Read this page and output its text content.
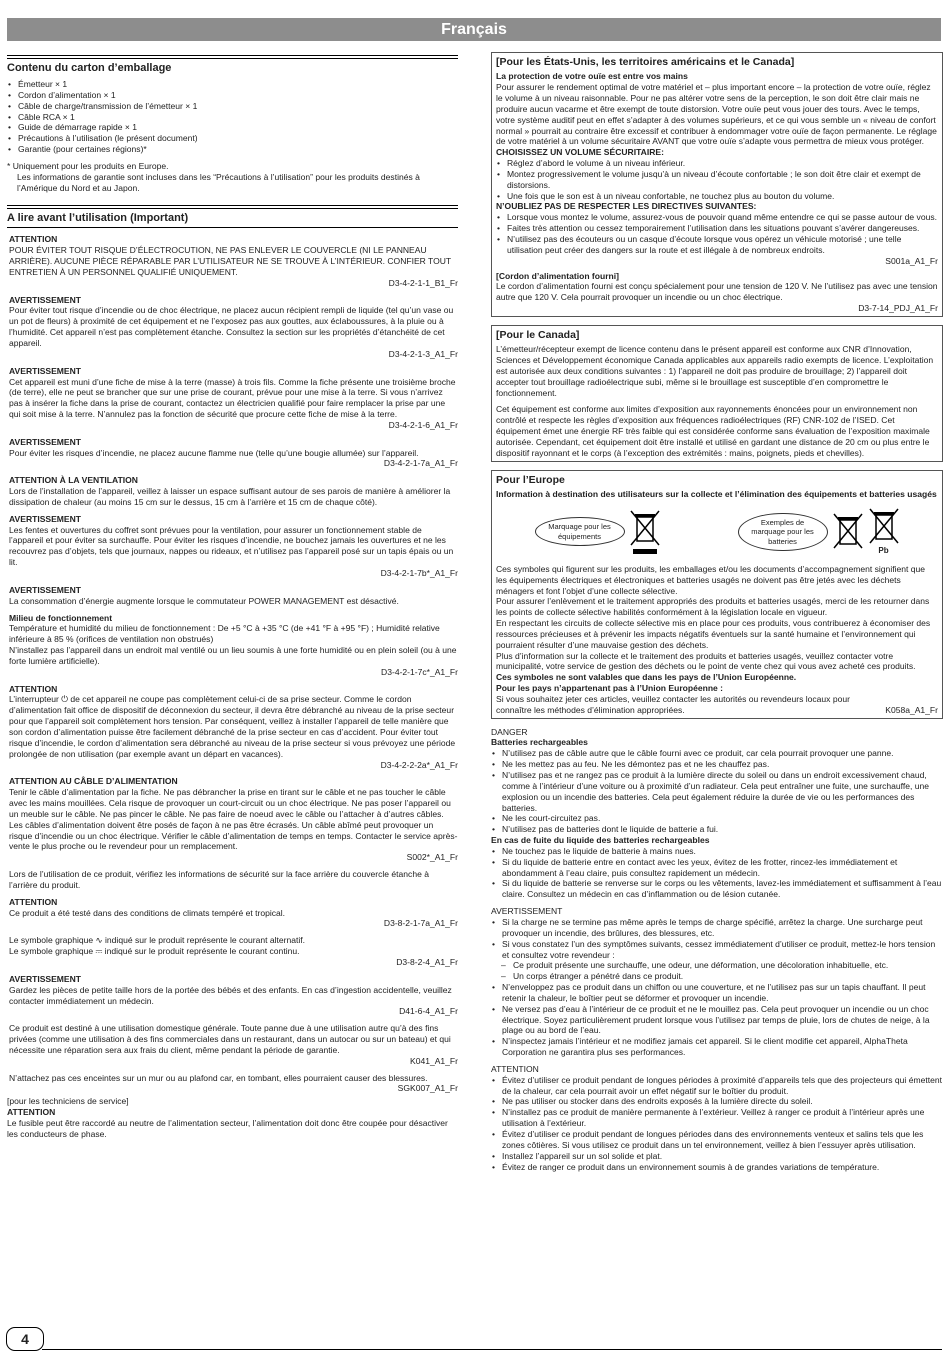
Français
Contenu du carton d’emballage
• Émetteur × 1
• Cordon d’alimentation × 1
• Câble de charge/transmission de l’émetteur × 1
• Câble RCA × 1
• Guide de démarrage rapide × 1
• Précautions à l’utilisation (le présent document)
• Garantie (pour certaines régions)*
* Uniquement pour les produits en Europe.
Les informations de garantie sont incluses dans les “Précautions à l’utilisation” pour les produits destinés à l’Amérique du Nord et au Japon.
A lire avant l’utilisation (Important)
ATTENTION
POUR ÉVITER TOUT RISQUE D’ÉLECTROCUTION, NE PAS ENLEVER LE COUVERCLE (NI LE PANNEAU ARRIÈRE). AUCUNE PIÈCE RÉPARABLE PAR L’UTILISATEUR NE SE TROUVE À L’INTÉRIEUR. CONFIER TOUT ENTRETIEN À UN PERSONNEL QUALIFIÉ UNIQUEMENT.
D3-4-2-1-1_B1_Fr
AVERTISSEMENT
Pour éviter tout risque d’incendie ou de choc électrique, ne placez aucun récipient rempli de liquide (tel qu’un vase ou un pot de fleurs) à proximité de cet équipement et ne l’exposez pas aux gouttes, aux éclaboussures, à la pluie ou à l’humidité. Cet appareil n’est pas complètement étanche. Consultez la section sur les propriétés d’étanchéité de cet appareil.
D3-4-2-1-3_A1_Fr
AVERTISSEMENT
Cet appareil est muni d’une fiche de mise à la terre (masse) à trois fils. Comme la fiche présente une troisième broche (de terre), elle ne peut se brancher que sur une prise de courant, prévue pour une mise à la terre. Si vous n’arrivez pas à insérer la fiche dans la prise de courant, contactez un électricien qualifié pour faire remplacer la prise par une qui soit mise à la terre. N’annulez pas la fonction de sécurité que procure cette fiche de mise à la terre.
D3-4-2-1-6_A1_Fr
AVERTISSEMENT
Pour éviter les risques d’incendie, ne placez aucune flamme nue (telle qu’une bougie allumée) sur l’appareil.
D3-4-2-1-7a_A1_Fr
ATTENTION À LA VENTILATION
Lors de l’installation de l’appareil, veillez à laisser un espace suffisant autour de ses parois de manière à améliorer la dissipation de chaleur (au moins 15 cm sur le dessus, 15 cm à l’arrière et 15 cm de chaque côté).
AVERTISSEMENT
Les fentes et ouvertures du coffret sont prévues pour la ventilation, pour assurer un fonctionnement stable de l’appareil et pour éviter sa surchauffe. Pour éviter les risques d’incendie, ne bouchez jamais les ouvertures et ne les recouvrez pas d’objets, tels que journaux, nappes ou rideaux, et n’utilisez pas l’appareil posé sur un tapis épais ou un lit.
D3-4-2-1-7b*_A1_Fr
AVERTISSEMENT
La consommation d’énergie augmente lorsque le commutateur POWER MANAGEMENT est désactivé.
Milieu de fonctionnement
Température et humidité du milieu de fonctionnement : De +5 °C à +35 °C (de +41 °F à +95 °F) ; Humidité relative inférieure à 85 % (orifices de ventilation non obstrués)
N’installez pas l’appareil dans un endroit mal ventilé ou un lieu soumis à une forte humidité ou en plein soleil (ou à une forte lumière artificielle).
D3-4-2-1-7c*_A1_Fr
ATTENTION
L’interrupteur ⏻ de cet appareil ne coupe pas complètement celui-ci de sa prise secteur. Comme le cordon d’alimentation fait office de dispositif de déconnexion du secteur, il devra être débranché au niveau de la prise secteur pour que l’appareil soit complètement hors tension. Par conséquent, veillez à installer l’appareil de telle manière que son cordon d’alimentation puisse être facilement débranché de la prise secteur en cas d’accident. Pour éviter tout risque d’incendie, le cordon d’alimentation sera débranché au niveau de la prise secteur si vous prévoyez une période prolongée de non utilisation (par exemple avant un départ en vacances).
D3-4-2-2-2a*_A1_Fr
ATTENTION AU CÂBLE D’ALIMENTATION
Tenir le câble d’alimentation par la fiche. Ne pas débrancher la prise en tirant sur le câble et ne pas toucher le câble avec les mains mouillées. Cela risque de provoquer un court-circuit ou un choc électrique. Ne pas poser l’appareil ou un meuble sur le câble. Ne pas pincer le câble. Ne pas faire de noeud avec le câble ou l’attacher à d’autres câbles. Les câbles d’alimentation doivent être posés de façon à ne pas être écrasés. Un câble abîmé peut provoquer un risque d’incendie ou un choc électrique. Vérifier le câble d’alimentation de temps en temps. Contacter le service après-vente le plus proche ou le revendeur pour un remplacement.
S002*_A1_Fr
Lors de l’utilisation de ce produit, vérifiez les informations de sécurité sur la face arrière du couvercle étanche à l’arrière du produit.
ATTENTION
Ce produit a été testé dans des conditions de climats tempéré et tropical.
D3-8-2-1-7a_A1_Fr
Le symbole graphique ∿ indiqué sur le produit représente le courant alternatif.
Le symbole graphique ⎓ indiqué sur le produit représente le courant continu.
D3-8-2-4_A1_Fr
AVERTISSEMENT
Gardez les pièces de petite taille hors de la portée des bébés et des enfants. En cas d’ingestion accidentelle, veuillez contacter immédiatement un médecin.
D41-6-4_A1_Fr
Ce produit est destiné à une utilisation domestique générale. Toute panne due à une utilisation autre qu’à des fins privées (comme une utilisation à des fins commerciales dans un restaurant, dans un autocar ou sur un bateau) et qui nécessite une réparation sera aux frais du client, même pendant la période de garantie.
K041_A1_Fr
N’attachez pas ces enceintes sur un mur ou au plafond car, en tombant, elles pourraient causer des blessures.
SGK007_A1_Fr
[pour les techniciens de service]
ATTENTION
Le fusible peut être raccordé au neutre de l’alimentation secteur, l’alimentation doit donc être coupée pour désactiver les conducteurs de phase.
[Pour les États-Unis, les territoires américains et le Canada]
La protection de votre ouïe est entre vos mains
Pour assurer le rendement optimal de votre matériel et – plus important encore – la protection de votre ouïe, réglez le volume à un niveau raisonnable. Pour ne pas altérer votre sens de la perception, le son doit être clair mais ne produire aucun vacarme et être exempt de toute distorsion. Votre ouïe peut vous jouer des tours. Avec le temps, votre système auditif peut en effet s’adapter à des volumes supérieurs, et ce qui vous semble un « niveau de confort normal » pourrait au contraire être excessif et contribuer à endommager votre ouïe de façon permanente. Le réglage de votre matériel à un volume sécuritaire AVANT que votre ouïe s’adapte vous permettra de mieux vous protéger.
CHOISISSEZ UN VOLUME SÉCURITAIRE:
• Réglez d’abord le volume à un niveau inférieur.
• Montez progressivement le volume jusqu’à un niveau d’écoute confortable ; le son doit être clair et exempt de distorsions.
• Une fois que le son est à un niveau confortable, ne touchez plus au bouton du volume.
N’OUBLIEZ PAS DE RESPECTER LES DIRECTIVES SUIVANTES:
• Lorsque vous montez le volume, assurez-vous de pouvoir quand même entendre ce qui se passe autour de vous.
• Faites très attention ou cessez temporairement l’utilisation dans les situations pouvant s’avérer dangereuses.
• N’utilisez pas des écouteurs ou un casque d’écoute lorsque vous opérez un véhicule motorisé ; une telle utilisation peut créer des dangers sur la route et est illégale à de nombreux endroits.
S001a_A1_Fr
[Cordon d’alimentation fourni]
Le cordon d’alimentation fourni est conçu spécialement pour une tension de 120 V. Ne l’utilisez pas avec une tension autre que 120 V. Cela pourrait provoquer un incendie ou un choc électrique.
D3-7-14_PDJ_A1_Fr
[Pour le Canada]
L’émetteur/récepteur exempt de licence contenu dans le présent appareil est conforme aux CNR d’Innovation, Sciences et Développement économique Canada applicables aux appareils radio exempts de licence. L’exploitation est autorisée aux deux conditions suivantes : 1) l’appareil ne doit pas produire de brouillage; 2) l’appareil doit accepter tout brouillage radioélectrique subi, même si le brouillage est susceptible d’en compromettre le fonctionnement.
Cet équipement est conforme aux limites d’exposition aux rayonnements énoncées pour un environnement non contrôlé et respecte les règles d’exposition aux fréquences radioélectriques (RF) CNR-102 de l’ISED. Cet équipement émet une énergie RF très faible qui est considérée conforme sans évaluation de l’exposition maximale autorisée. Cependant, cet équipement doit être installé et utilisé en gardant une distance de 20 cm ou plus entre le dispositif rayonnant et le corps (à l’exception des extrémités : mains, poignets, pieds et chevilles).
Pour l’Europe
Information à destination des utilisateurs sur la collecte et l’élimination des équipements et batteries usagés
Marquage pour les équipements
Exemples de marquage pour les batteries
Pb
Ces symboles qui figurent sur les produits, les emballages et/ou les documents d’accompagnement signifient que les équipements électriques et électroniques et batteries usagés ne doivent pas être jetés avec les déchets ménagers et font l’objet d’une collecte sélective.
Pour assurer l’enlèvement et le traitement appropriés des produits et batteries usagés, merci de les retourner dans les points de collecte sélective habilités conformément à la législation locale en vigueur.
En respectant les circuits de collecte sélective mis en place pour ces produits, vous contribuerez à économiser des ressources précieuses et à prévenir les impacts négatifs éventuels sur la santé humaine et l’environnement qui pourraient résulter d’une mauvaise gestion des déchets.
Plus d’information sur la collecte et le traitement des produits et batteries usagés, veuillez contacter votre municipalité, votre service de gestion des déchets ou le point de vente chez qui vous avez acheté ces produits.
Ces symboles ne sont valables que dans les pays de l’Union Européenne.
Pour les pays n’appartenant pas à l’Union Européenne :
Si vous souhaitez jeter ces articles, veuillez contacter les autorités ou revendeurs locaux pour connaître les méthodes d’élimination appropriées.	K058a_A1_Fr
DANGER
Batteries rechargeables
• N’utilisez pas de câble autre que le câble fourni avec ce produit, car cela pourrait provoquer une panne.
• Ne les mettez pas au feu. Ne les démontez pas et ne les chauffez pas.
• N’utilisez pas et ne rangez pas ce produit à la lumière directe du soleil ou dans un endroit excessivement chaud, comme à l’intérieur d’une voiture ou à proximité d’un radiateur. Cela peut entraîner une fuite, une surchauffe, une explosion ou un incendie des batteries. Cela peut également réduire la durée de vie ou les performances des batteries.
• Ne les court-circuitez pas.
• N’utilisez pas de batteries dont le liquide de batterie a fui.
En cas de fuite du liquide des batteries rechargeables
• Ne touchez pas le liquide de batterie à mains nues.
• Si du liquide de batterie entre en contact avec les yeux, évitez de les frotter, rincez-les immédiatement et abondamment à l’eau claire, puis consultez rapidement un médecin.
• Si du liquide de batterie se renverse sur le corps ou les vêtements, lavez-les immédiatement et suffisamment à l’eau claire. Consultez un médecin en cas d’inflammation ou de lésion cutanée.
AVERTISSEMENT
• Si la charge ne se termine pas même après le temps de charge spécifié, arrêtez la charge. Une surcharge peut provoquer un incendie, des brûlures, des blessures, etc.
• Si vous constatez l’un des symptômes suivants, cessez immédiatement d’utiliser ce produit, mettez-le hors tension et consultez votre revendeur :
– Ce produit présente une surchauffe, une odeur, une déformation, une décoloration inhabituelle, etc.
– Un corps étranger a pénétré dans ce produit.
• N’enveloppez pas ce produit dans un chiffon ou une couverture, et ne l’utilisez pas sur un tapis chauffant. Il peut retenir la chaleur, le boîtier peut se déformer et provoquer un incendie.
• Ne versez pas d’eau à l’intérieur de ce produit et ne le mouillez pas. Cela peut provoquer un incendie ou un choc électrique. Soyez particulièrement prudent lorsque vous l’utilisez par temps de pluie, lors de chutes de neige, à la plage ou au bord de l’eau.
• N’inspectez jamais l’intérieur et ne modifiez jamais cet appareil. Si le client modifie cet appareil, AlphaTheta Corporation ne garantira plus ses performances.
ATTENTION
• Évitez d’utiliser ce produit pendant de longues périodes à proximité d’appareils tels que des projecteurs qui émettent de la chaleur, car cela pourrait avoir un effet négatif sur le boîtier du produit.
• Ne pas utiliser ou stocker dans des endroits exposés à la lumière directe du soleil.
• N’installez pas ce produit de manière permanente à l’extérieur. Veillez à ranger ce produit à l’intérieur après une utilisation à l’extérieur.
• Évitez d’utiliser ce produit pendant de longues périodes dans des environnements venteux et salins tels que les zones côtières. Si vous utilisez ce produit dans un tel environnement, veillez à bien l’essuyer après utilisation.
• Installez l’appareil sur un sol solide et plat.
• Évitez de ranger ce produit dans un environnement soumis à de grandes variations de température.
4
